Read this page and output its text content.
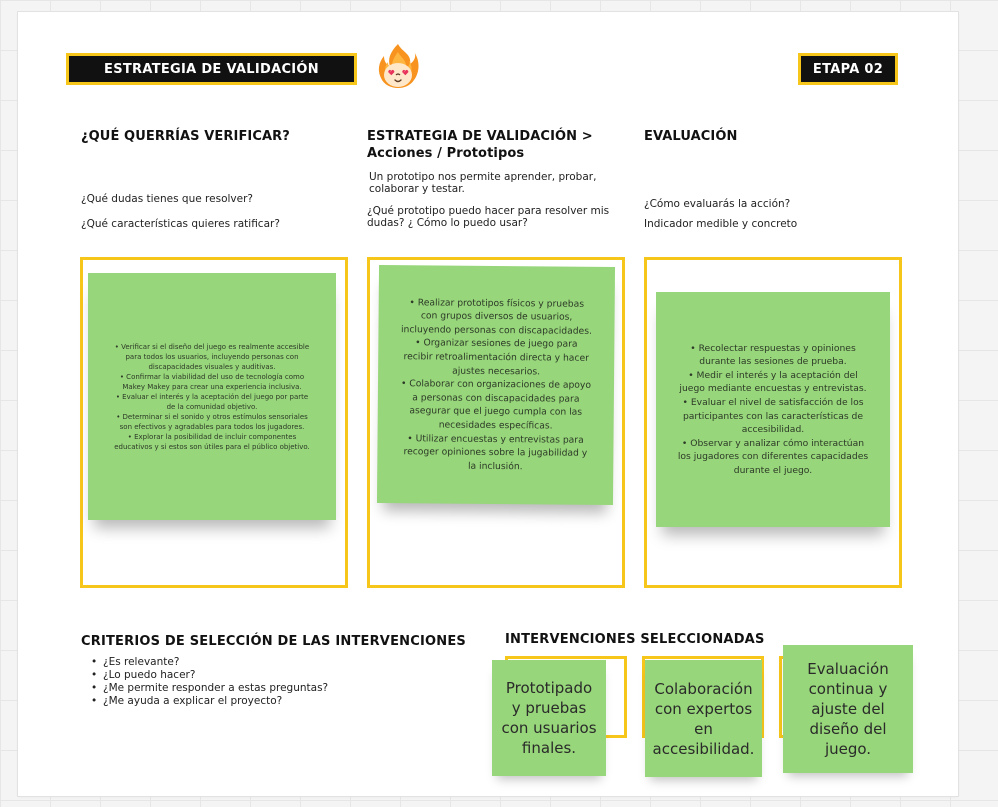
ESTRATEGIA DE VALIDACIÓN	ETAPA 02
¿QUÉ QUERRÍAS VERIFICAR?
¿Qué dudas tienes que resolver?
¿Qué características quieres ratificar?
ESTRATEGIA DE VALIDACIÓN >
Acciones / Prototipos
Un prototipo nos permite aprender, probar,
colaborar y testar.
¿Qué prototipo puedo hacer para resolver mis
dudas? ¿ Cómo lo puedo usar?
EVALUACIÓN
¿Cómo evaluarás la acción?
Indicador medible y concreto
• Verificar si el diseño del juego es realmente accesible
para todos los usuarios, incluyendo personas con
discapacidades visuales y auditivas.
• Confirmar la viabilidad del uso de tecnología como
Makey Makey para crear una experiencia inclusiva.
• Evaluar el interés y la aceptación del juego por parte
de la comunidad objetivo.
• Determinar si el sonido y otros estímulos sensoriales
son efectivos y agradables para todos los jugadores.
• Explorar la posibilidad de incluir componentes
educativos y si estos son útiles para el público objetivo.
• Realizar prototipos físicos y pruebas
con grupos diversos de usuarios,
incluyendo personas con discapacidades.
• Organizar sesiones de juego para
recibir retroalimentación directa y hacer
ajustes necesarios.
• Colaborar con organizaciones de apoyo
a personas con discapacidades para
asegurar que el juego cumpla con las
necesidades específicas.
• Utilizar encuestas y entrevistas para
recoger opiniones sobre la jugabilidad y
la inclusión.
• Recolectar respuestas y opiniones
durante las sesiones de prueba.
• Medir el interés y la aceptación del
juego mediante encuestas y entrevistas.
• Evaluar el nivel de satisfacción de los
participantes con las características de
accesibilidad.
• Observar y analizar cómo interactúan
los jugadores con diferentes capacidades
durante el juego.
CRITERIOS DE SELECCIÓN DE LAS INTERVENCIONES
• ¿Es relevante?
• ¿Lo puedo hacer?
• ¿Me permite responder a estas preguntas?
• ¿Me ayuda a explicar el proyecto?
INTERVENCIONES SELECCIONADAS
Prototipado
y pruebas
con usuarios
finales.
Colaboración
con expertos
en
accesibilidad.
Evaluación
continua y
ajuste del
diseño del
juego.
